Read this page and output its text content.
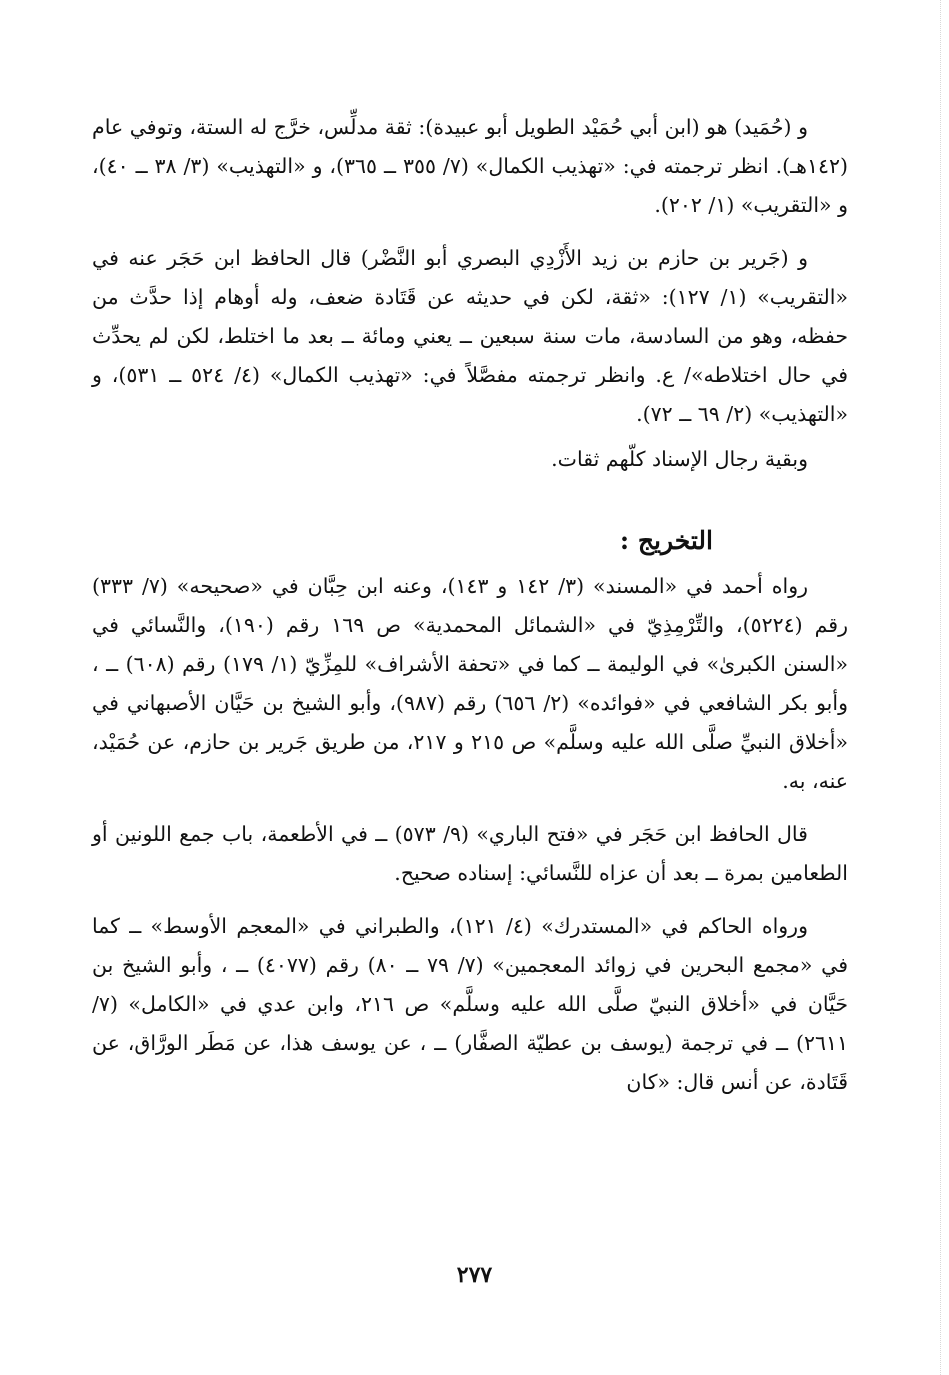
و (حُمَيد) هو (ابن أبي حُمَيْد الطويل أبو عبيدة): ثقة مدلِّس، خرَّج له الستة، وتوفي عام (١٤٢هـ). انظر ترجمته في: «تهذيب الكمال» (٧/ ٣٥٥ ــ ٣٦٥)، و «التهذيب» (٣/ ٣٨ ــ ٤٠)، و «التقريب» (١/ ٢٠٢).

و (جَرير بن حازم بن زيد الأَزْدِي البصري أبو النَّضْر) قال الحافظ ابن حَجَر عنه في «التقريب» (١/ ١٢٧): «ثقة، لكن في حديثه عن قَتَادة ضعف، وله أوهام إذا حدَّث من حفظه، وهو من السادسة، مات سنة سبعين ــ يعني ومائة ــ بعد ما اختلط، لكن لم يحدِّث في حال اختلاطه»/ ع. وانظر ترجمته مفصَّلاً في: «تهذيب الكمال» (٤/ ٥٢٤ ــ ٥٣١)، و «التهذيب» (٢/ ٦٩ ــ ٧٢).

وبقية رجال الإسناد كلّهم ثقات.

التخريج :

رواه أحمد في «المسند» (٣/ ١٤٢ و ١٤٣)، وعنه ابن حِبَّان في «صحيحه» (٧/ ٣٣٣) رقم (٥٢٢٤)، والتِّرْمِذِيّ في «الشمائل المحمدية» ص ١٦٩ رقم (١٩٠)، والنَّسائي في «السنن الكبرىٰ» في الوليمة ــ كما في «تحفة الأشراف» للمِزِّيّ (١/ ١٧٩) رقم (٦٠٨) ــ ، وأبو بكر الشافعي في «فوائده» (٢/ ٦٥٦) رقم (٩٨٧)، وأبو الشيخ بن حَيَّان الأصبهاني في «أخلاق النبيِّ صلَّى الله عليه وسلَّم» ص ٢١٥ و ٢١٧، من طريق جَرير بن حازم، عن حُمَيْد، عنه، به.

قال الحافظ ابن حَجَر في «فتح الباري» (٩/ ٥٧٣) ــ في الأطعمة، باب جمع اللونين أو الطعامين بمرة ــ بعد أن عزاه للنَّسائي: إسناده صحيح.

ورواه الحاكم في «المستدرك» (٤/ ١٢١)، والطبراني في «المعجم الأوسط» ــ كما في «مجمع البحرين في زوائد المعجمين» (٧/ ٧٩ ــ ٨٠) رقم (٤٠٧٧) ــ ، وأبو الشيخ بن حَيَّان في «أخلاق النبيّ صلَّى الله عليه وسلَّم» ص ٢١٦، وابن عدي في «الكامل» (٧/ ٢٦١١) ــ في ترجمة (يوسف بن عطيّة الصفَّار) ــ ، عن يوسف هذا، عن مَطَر الورَّاق، عن قَتَادة، عن أنس قال: «كان

٢٧٧
